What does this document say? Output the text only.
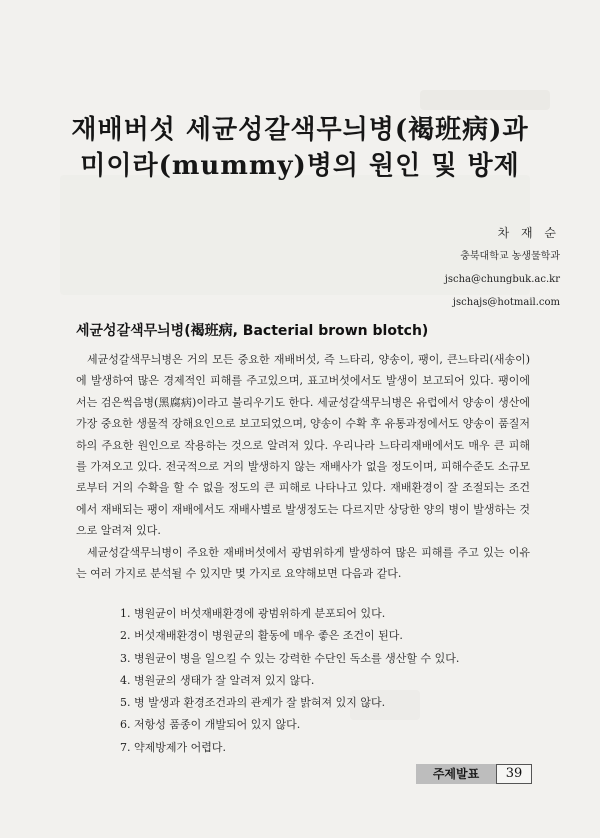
재배버섯 세균성갈색무늬병(褐班病)과
미이라(mummy)병의 원인 및 방제
차 재 순
충북대학교 농생물학과
jscha@chungbuk.ac.kr
jschajs@hotmail.com
세균성갈색무늬병(褐班病, Bacterial brown blotch)

세균성갈색무늬병은 거의 모든 중요한 재배버섯, 즉 느타리, 양송이, 팽이, 큰느타리(새송이)에 발생하여 많은 경제적인 피해를 주고있으며, 표고버섯에서도 발생이 보고되어 있다. 팽이에서는 검은썩음병(黑腐病)이라고 불리우기도 한다. 세균성갈색무늬병은 유럽에서 양송이 생산에 가장 중요한 생물적 장해요인으로 보고되었으며, 양송이 수확 후 유통과정에서도 양송이 품질저하의 주요한 원인으로 작용하는 것으로 알려져 있다. 우리나라 느타리재배에서도 매우 큰 피해를 가져오고 있다. 전국적으로 거의 발생하지 않는 재배사가 없을 정도이며, 피해수준도 소규모로부터 거의 수확을 할 수 없을 정도의 큰 피해로 나타나고 있다. 재배환경이 잘 조절되는 조건에서 재배되는 팽이 재배에서도 재배사별로 발생정도는 다르지만 상당한 양의 병이 발생하는 것으로 알려져 있다.

세균성갈색무늬병이 주요한 재배버섯에서 광범위하게 발생하여 많은 피해를 주고 있는 이유는 여러 가지로 분석될 수 있지만 몇 가지로 요약해보면 다음과 같다.

1. 병원균이 버섯재배환경에 광범위하게 분포되어 있다.
2. 버섯재배환경이 병원균의 활동에 매우 좋은 조건이 된다.
3. 병원균이 병을 일으킬 수 있는 강력한 수단인 독소를 생산할 수 있다.
4. 병원균의 생태가 잘 알려져 있지 않다.
5. 병 발생과 환경조건과의 관계가 잘 밝혀져 있지 않다.
6. 저항성 품종이 개발되어 있지 않다.
7. 약제방제가 어렵다.
주제발표	39
